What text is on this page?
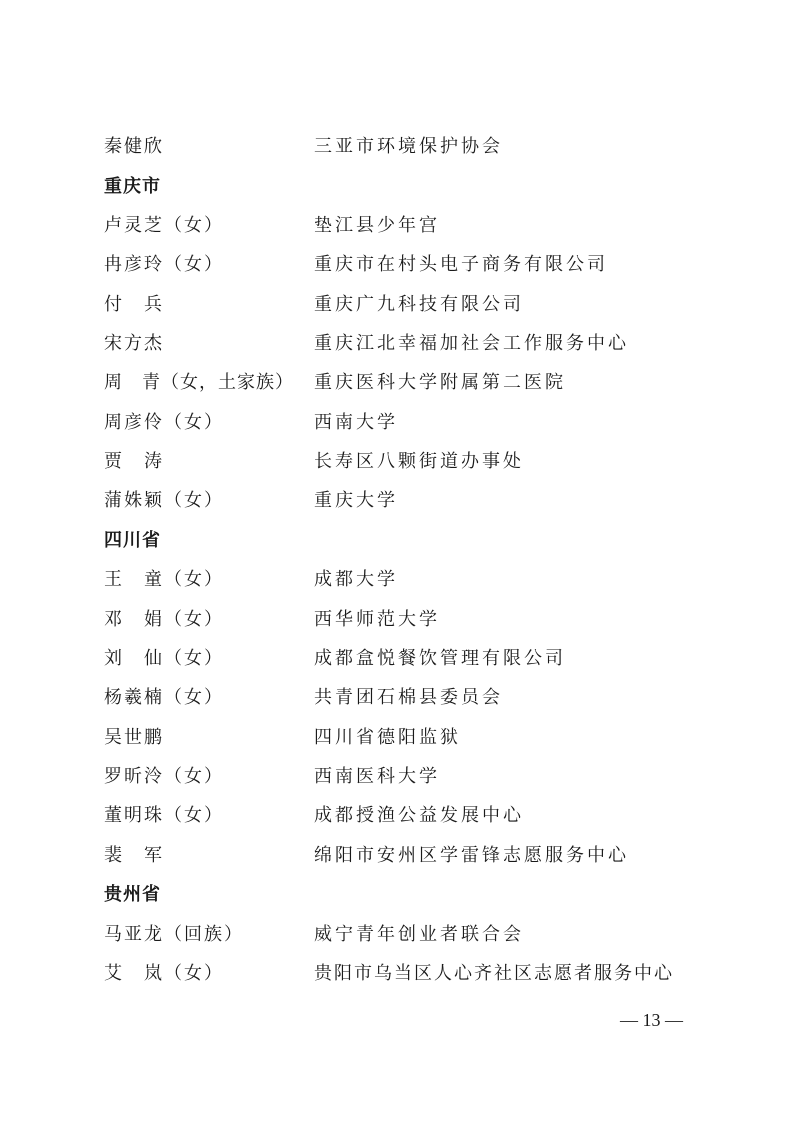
秦健欣	三亚市环境保护协会
重庆市
卢灵芝（女）	垫江县少年宫
冉彦玲（女）	重庆市在村头电子商务有限公司
付　兵	重庆广九科技有限公司
宋方杰	重庆江北幸福加社会工作服务中心
周　青（女，土家族） 重庆医科大学附属第二医院
周彦伶（女）	西南大学
贾　涛	长寿区八颗街道办事处
蒲姝颖（女）	重庆大学
四川省
王　童（女）	成都大学
邓　娟（女）	西华师范大学
刘　仙（女）	成都盒悦餐饮管理有限公司
杨羲楠（女）	共青团石棉县委员会
吴世鹏	四川省德阳监狱
罗昕泠（女）	西南医科大学
董明珠（女）	成都授渔公益发展中心
裴　军	绵阳市安州区学雷锋志愿服务中心
贵州省
马亚龙（回族）	威宁青年创业者联合会
艾　岚（女）	贵阳市乌当区人心齐社区志愿者服务中心
— 13 —
